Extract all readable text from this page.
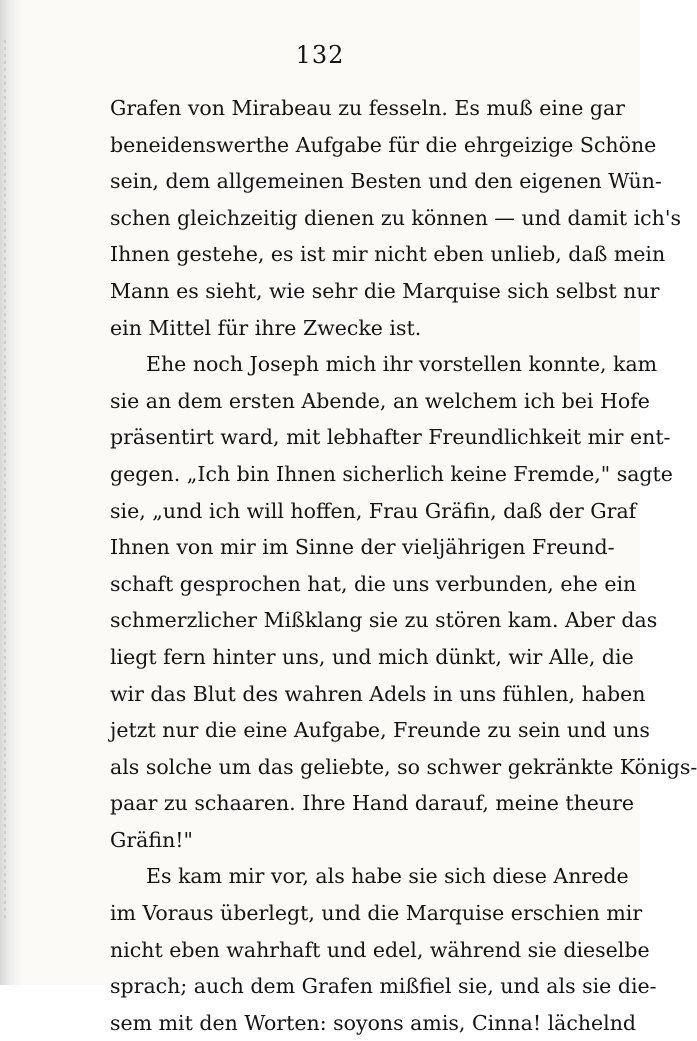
132
Grafen von Mirabeau zu fesseln. Es muß eine gar
beneidenswerthe Aufgabe für die ehrgeizige Schöne
sein, dem allgemeinen Besten und den eigenen Wün-
schen gleichzeitig dienen zu können — und damit ich's
Ihnen gestehe, es ist mir nicht eben unlieb, daß mein
Mann es sieht, wie sehr die Marquise sich selbst nur
ein Mittel für ihre Zwecke ist.
Ehe noch Joseph mich ihr vorstellen konnte, kam
sie an dem ersten Abende, an welchem ich bei Hofe
präsentirt ward, mit lebhafter Freundlichkeit mir ent-
gegen. „Ich bin Ihnen sicherlich keine Fremde," sagte
sie, „und ich will hoffen, Frau Gräfin, daß der Graf
Ihnen von mir im Sinne der vieljährigen Freund-
schaft gesprochen hat, die uns verbunden, ehe ein
schmerzlicher Mißklang sie zu stören kam. Aber das
liegt fern hinter uns, und mich dünkt, wir Alle, die
wir das Blut des wahren Adels in uns fühlen, haben
jetzt nur die eine Aufgabe, Freunde zu sein und uns
als solche um das geliebte, so schwer gekränkte Königs-
paar zu schaaren. Ihre Hand darauf, meine theure
Gräfin!"
Es kam mir vor, als habe sie sich diese Anrede
im Voraus überlegt, und die Marquise erschien mir
nicht eben wahrhaft und edel, während sie dieselbe
sprach; auch dem Grafen mißfiel sie, und als sie die-
sem mit den Worten: soyons amis, Cinna! lächelnd
